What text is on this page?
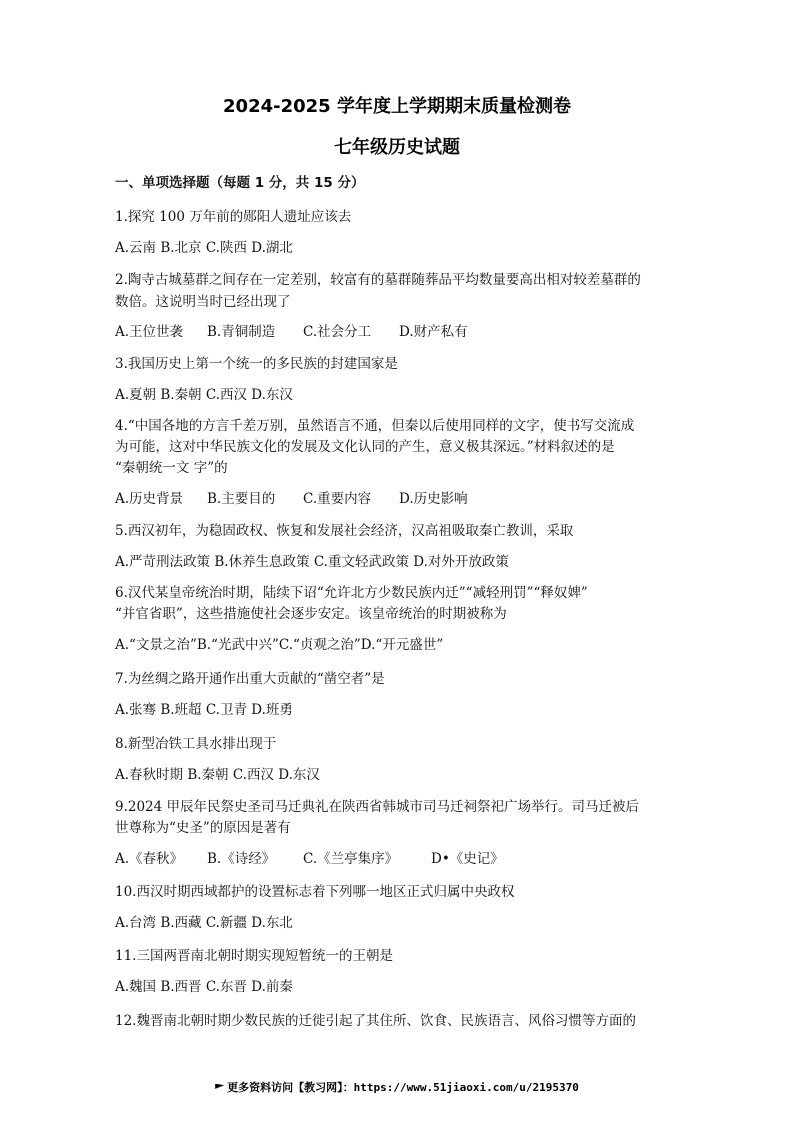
2024-2025 学年度上学期期末质量检测卷
七年级历史试题
一、单项选择题（每题 1 分，共 15 分）
1.探究 100 万年前的郧阳人遗址应该去
A.云南 B.北京 C.陕西 D.湖北
2.陶寺古城墓群之间存在一定差别，较富有的墓群随葬品平均数量要高出相对较差墓群的
数倍。这说明当时已经出现了
A.王位世袭 B.青铜制造 C.社会分工 D.财产私有
3.我国历史上第一个统一的多民族的封建国家是
A.夏朝 B.秦朝 C.西汉 D.东汉
4.“中国各地的方言千差万别，虽然语言不通，但秦以后使用同样的文字，使书写交流成
为可能，这对中华民族文化的发展及文化认同的产生，意义极其深远。”材料叙述的是
“秦朝统一文 字”的
A.历史背景 B.主要目的 C.重要内容 D.历史影响
5.西汉初年，为稳固政权、恢复和发展社会经济，汉高祖吸取秦亡教训，采取
A.严苛刑法政策 B.休养生息政策 C.重文轻武政策 D.对外开放政策
6.汉代某皇帝统治时期，陆续下诏“允许北方少数民族内迁”“减轻刑罚”“释奴婢”
“并官省职”，这些措施使社会逐步安定。该皇帝统治的时期被称为
A.“文景之治”B.“光武中兴”C.“贞观之治”D.“开元盛世”
7.为丝绸之路开通作出重大贡献的“凿空者”是
A.张骞 B.班超 C.卫青 D.班勇
8.新型冶铁工具水排出现于
A.春秋时期 B.秦朝 C.西汉 D.东汉
9.2024 甲辰年民祭史圣司马迁典礼在陕西省韩城市司马迁祠祭祀广场举行。司马迁被后
世尊称为“史圣”的原因是著有
A.《春秋》 B.《诗经》 C.《兰亭集序》 D•《史记》
10.西汉时期西域都护的设置标志着下列哪一地区正式归属中央政权
A.台湾 B.西藏 C.新疆 D.东北
11.三国两晋南北朝时期实现短暂统一的王朝是
A.魏国 B.西晋 C.东晋 D.前秦
12.魏晋南北朝时期少数民族的迁徙引起了其住所、饮食、民族语言、风俗习惯等方面的
更多资料访问【教习网】：https://www.51jiaoxi.com/u/2195370
